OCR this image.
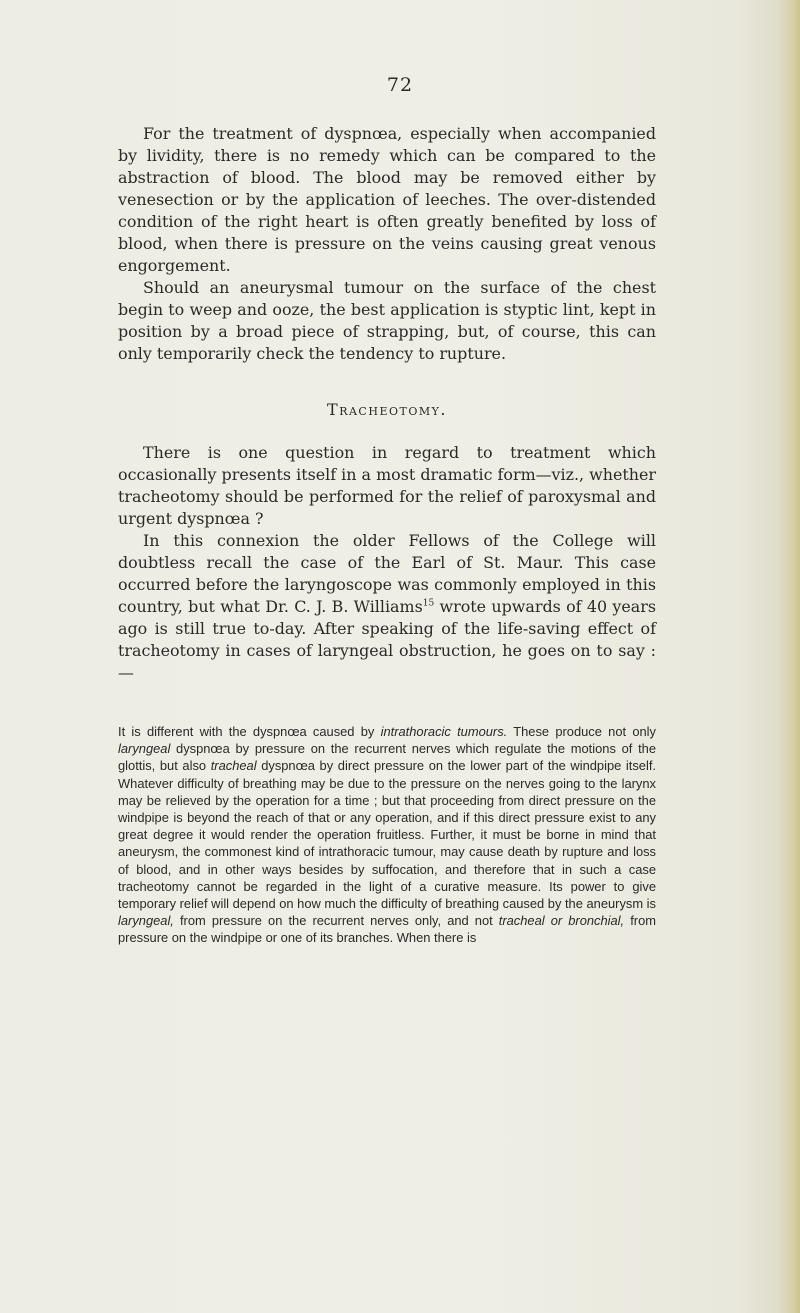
72

For the treatment of dyspnœa, especially when accompanied by lividity, there is no remedy which can be compared to the abstraction of blood. The blood may be removed either by venesection or by the application of leeches. The over-distended condition of the right heart is often greatly benefited by loss of blood, when there is pressure on the veins causing great venous engorgement.

Should an aneurysmal tumour on the surface of the chest begin to weep and ooze, the best application is styptic lint, kept in position by a broad piece of strapping, but, of course, this can only temporarily check the tendency to rupture.

Tracheotomy.

There is one question in regard to treatment which occasionally presents itself in a most dramatic form—viz., whether tracheotomy should be performed for the relief of paroxysmal and urgent dyspnœa ?

In this connexion the older Fellows of the College will doubtless recall the case of the Earl of St. Maur. This case occurred before the laryngoscope was commonly employed in this country, but what Dr. C. J. B. Williams$^{15}$ wrote upwards of 40 years ago is still true to-day. After speaking of the life-saving effect of tracheotomy in cases of laryngeal obstruction, he goes on to say :—

It is different with the dyspnœa caused by intrathoracic tumours. These produce not only laryngeal dyspnœa by pressure on the recurrent nerves which regulate the motions of the glottis, but also tracheal dyspnœa by direct pressure on the lower part of the windpipe itself. Whatever difficulty of breathing may be due to the pressure on the nerves going to the larynx may be relieved by the operation for a time ; but that proceeding from direct pressure on the windpipe is beyond the reach of that or any operation, and if this direct pressure exist to any great degree it would render the operation fruitless. Further, it must be borne in mind that aneurysm, the commonest kind of intrathoracic tumour, may cause death by rupture and loss of blood, and in other ways besides by suffocation, and therefore that in such a case tracheotomy cannot be regarded in the light of a curative measure. Its power to give temporary relief will depend on how much the difficulty of breathing caused by the aneurysm is laryngeal, from pressure on the recurrent nerves only, and not tracheal or bronchial, from pressure on the windpipe or one of its branches. When there is
